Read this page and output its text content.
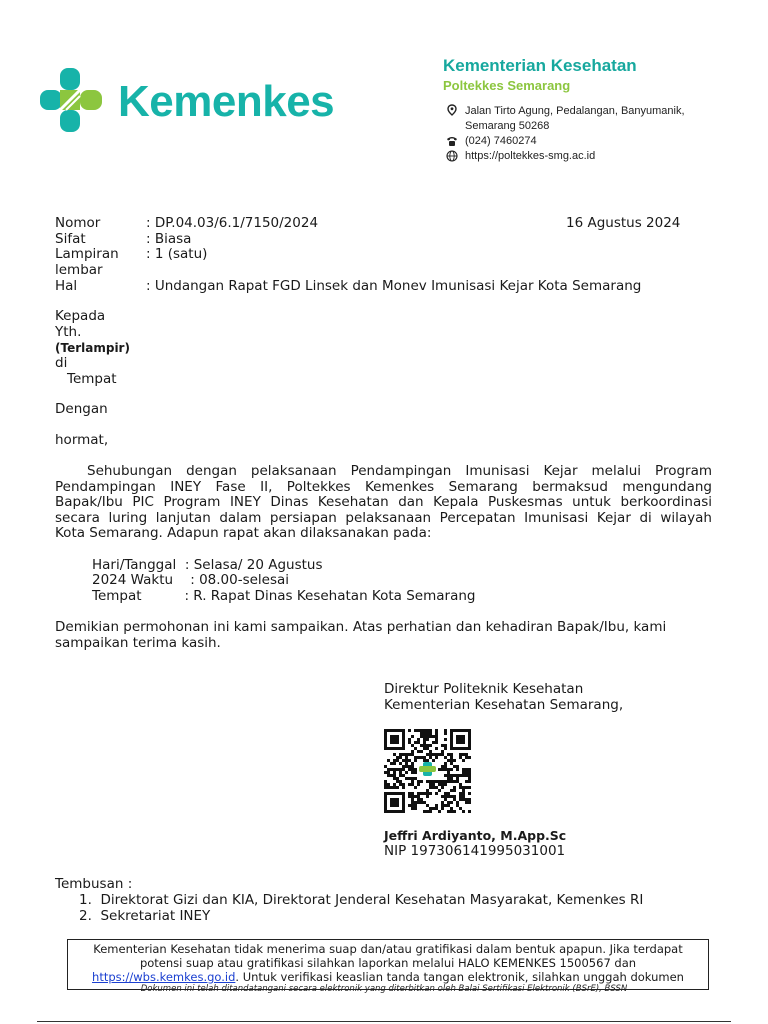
Kemenkes
Kementerian Kesehatan
Poltekkes Semarang
Jalan Tirto Agung, Pedalangan, Banyumanik,
Semarang 50268
(024) 7460274
https://poltekkes-smg.ac.id
Nomor	: DP.04.03/6.1/7150/2024	16 Agustus 2024
Sifat	: Biasa
Lampiran : 1 (satu)
lembar
Hal	: Undangan Rapat FGD Linsek dan Monev Imunisasi Kejar Kota Semarang
Kepada
Yth.
(Terlampir)
di
Tempat
Dengan
hormat,
Sehubungan dengan pelaksanaan Pendampingan Imunisasi Kejar melalui Program
Pendampingan INEY Fase II, Poltekkes Kemenkes Semarang bermaksud mengundang
Bapak/Ibu PIC Program INEY Dinas Kesehatan dan Kepala Puskesmas untuk berkoordinasi
secara luring lanjutan dalam persiapan pelaksanaan Percepatan Imunisasi Kejar di wilayah
Kota Semarang. Adapun rapat akan dilaksanakan pada:
Hari/Tanggal  : Selasa/ 20 Agustus
2024 Waktu    : 08.00-selesai
Tempat          : R. Rapat Dinas Kesehatan Kota Semarang
Demikian permohonan ini kami sampaikan. Atas perhatian dan kehadiran Bapak/Ibu, kami
sampaikan terima kasih.
Direktur Politeknik Kesehatan
Kementerian Kesehatan Semarang,
Jeffri Ardiyanto, M.App.Sc
NIP 197306141995031001
Tembusan :
1.  Direktorat Gizi dan KIA, Direktorat Jenderal Kesehatan Masyarakat, Kemenkes RI
2.  Sekretariat INEY
Kementerian Kesehatan tidak menerima suap dan/atau gratifikasi dalam bentuk apapun. Jika terdapat
potensi suap atau gratifikasi silahkan laporkan melalui HALO KEMENKES 1500567 dan
https://wbs.kemkes.go.id. Untuk verifikasi keaslian tanda tangan elektronik, silahkan unggah dokumen
Dokumen ini telah ditandatangani secara elektronik yang diterbitkan oleh Balai Sertifikasi Elektronik (BSrE), BSSN
